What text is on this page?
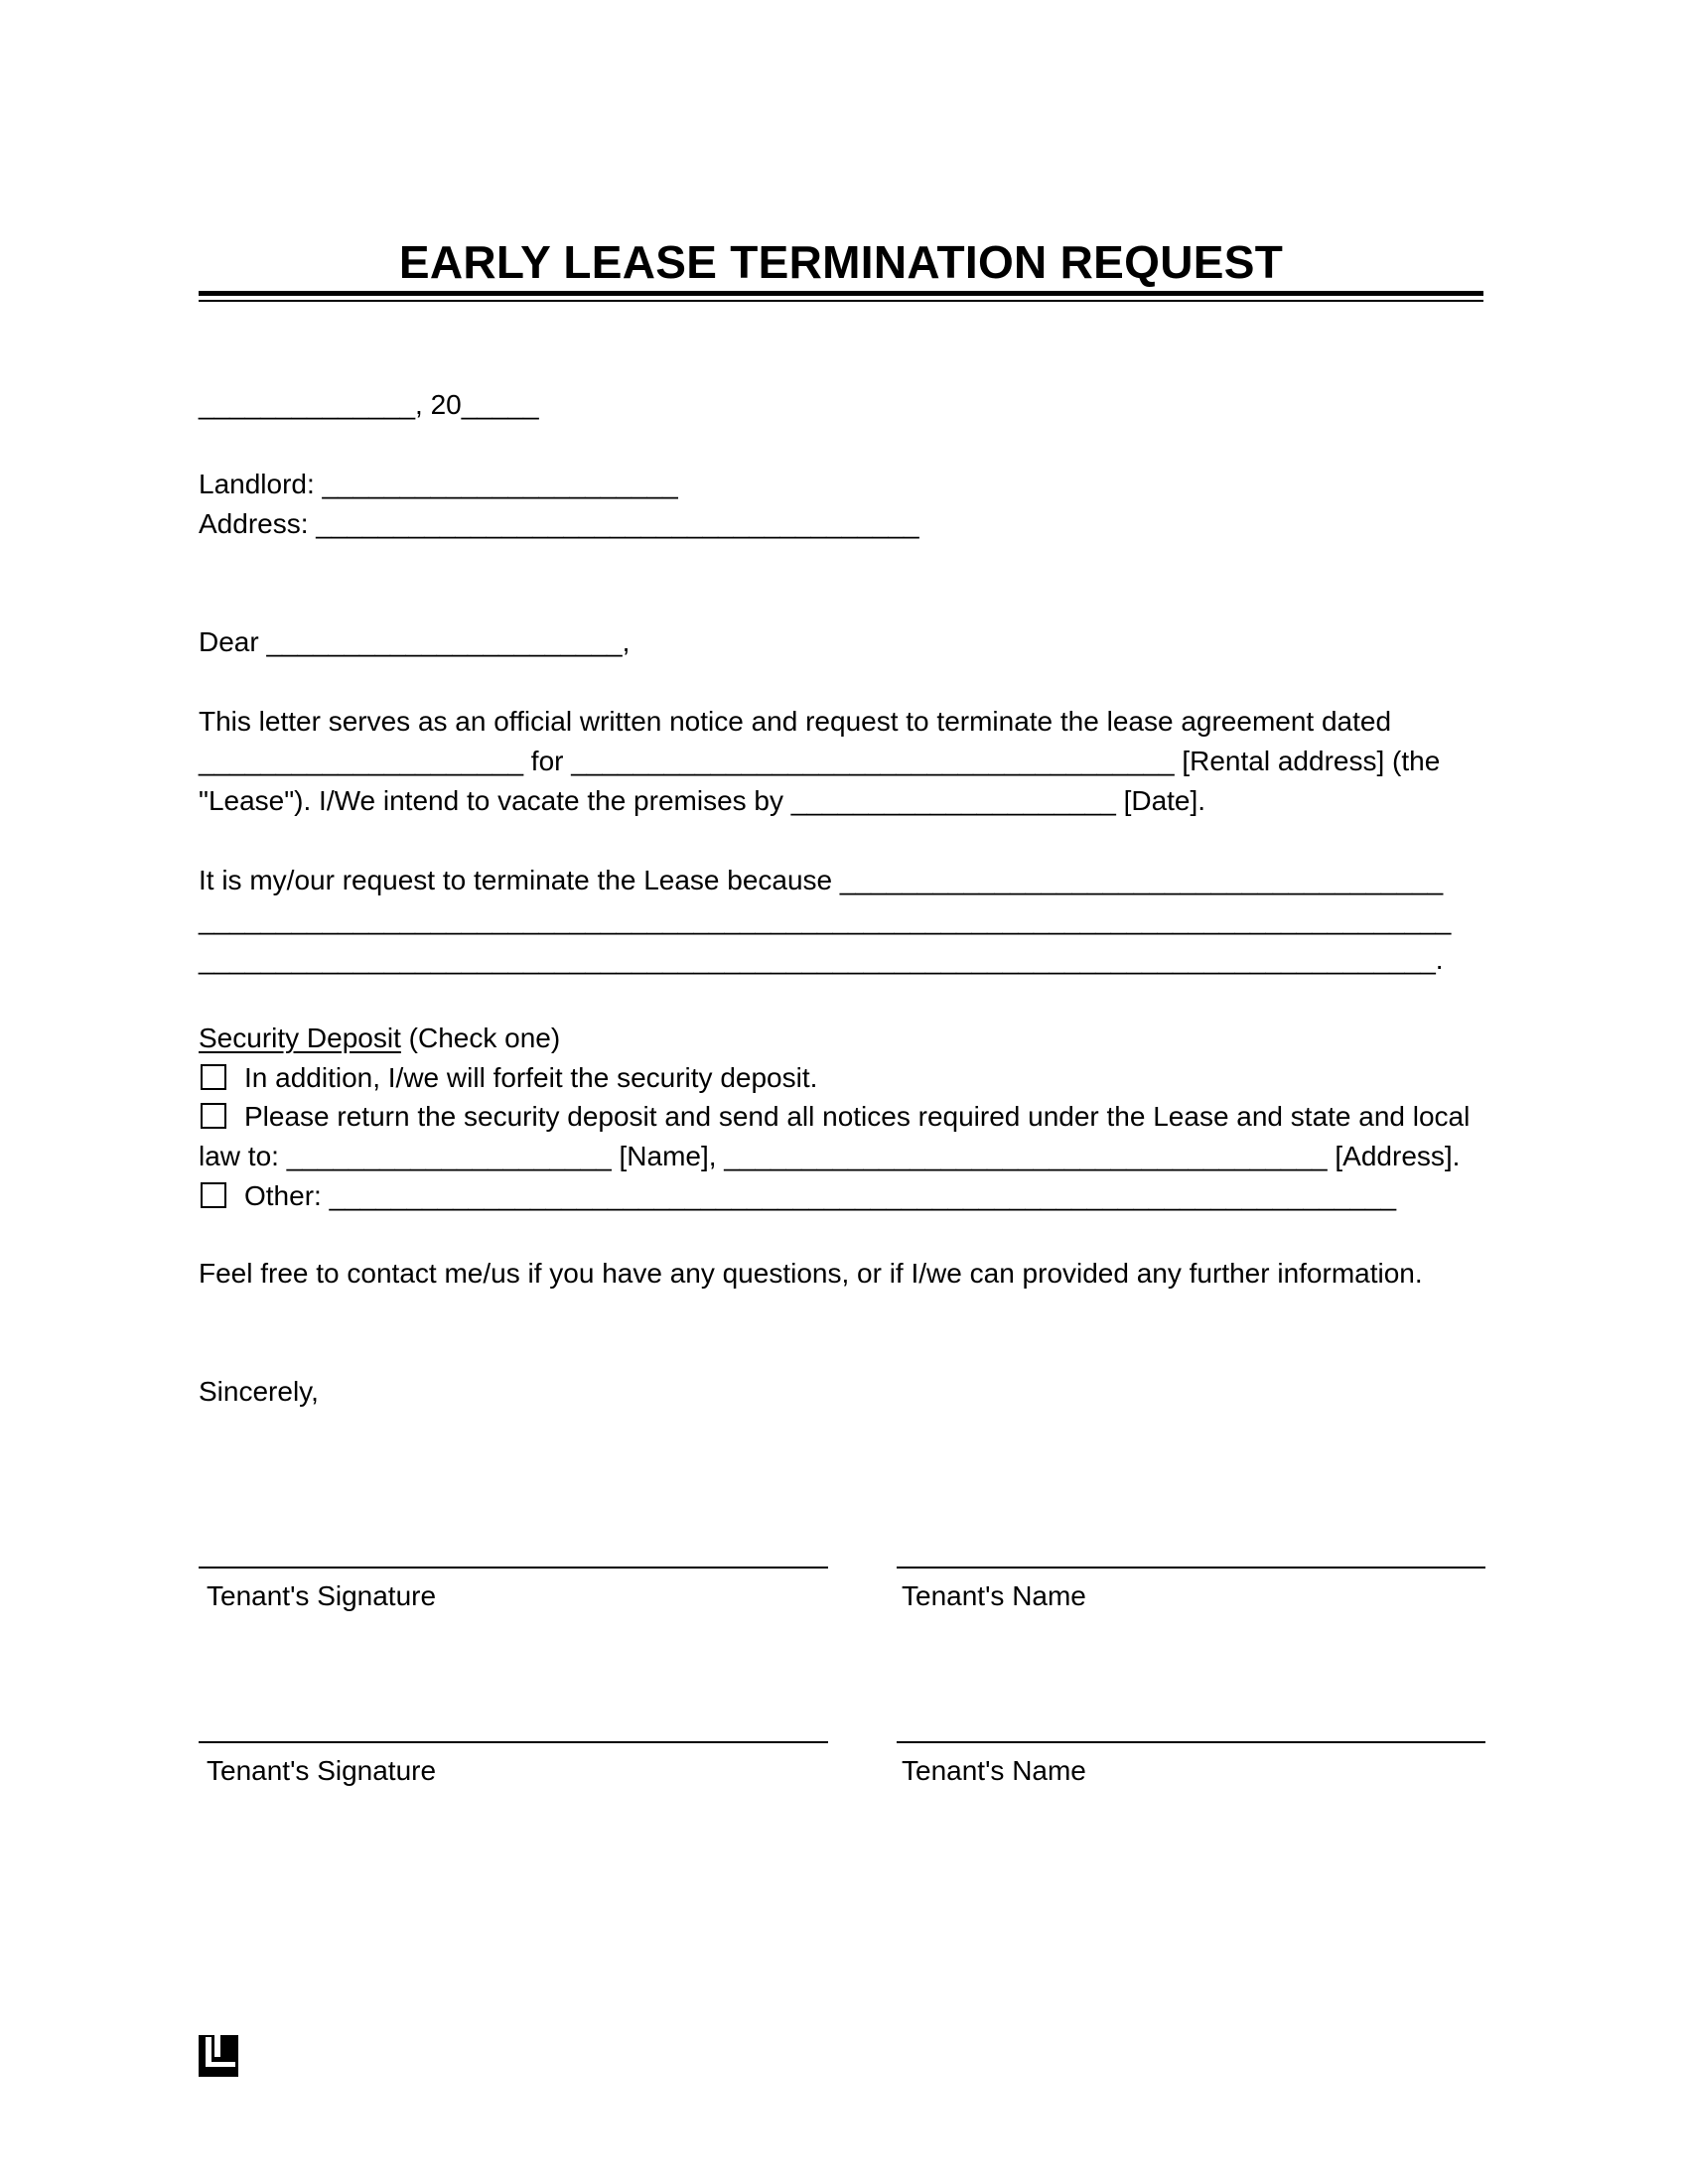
EARLY LEASE TERMINATION REQUEST
______________, 20_____
Landlord: _______________________
Address: _______________________________________
Dear _______________________,
This letter serves as an official written notice and request to terminate the lease agreement dated
_____________________ for _______________________________________ [Rental address] (the
"Lease"). I/We intend to vacate the premises by _____________________ [Date].
It is my/our request to terminate the Lease because _______________________________________
_________________________________________________________________________________
________________________________________________________________________________.
Security Deposit (Check one)
In addition, I/we will forfeit the security deposit.
Please return the security deposit and send all notices required under the Lease and state and local
law to: _____________________ [Name], _______________________________________ [Address].
Other: _____________________________________________________________________
Feel free to contact me/us if you have any questions, or if I/we can provided any further information.
Sincerely,
Tenant's Signature	Tenant's Name
Tenant's Signature	Tenant's Name
